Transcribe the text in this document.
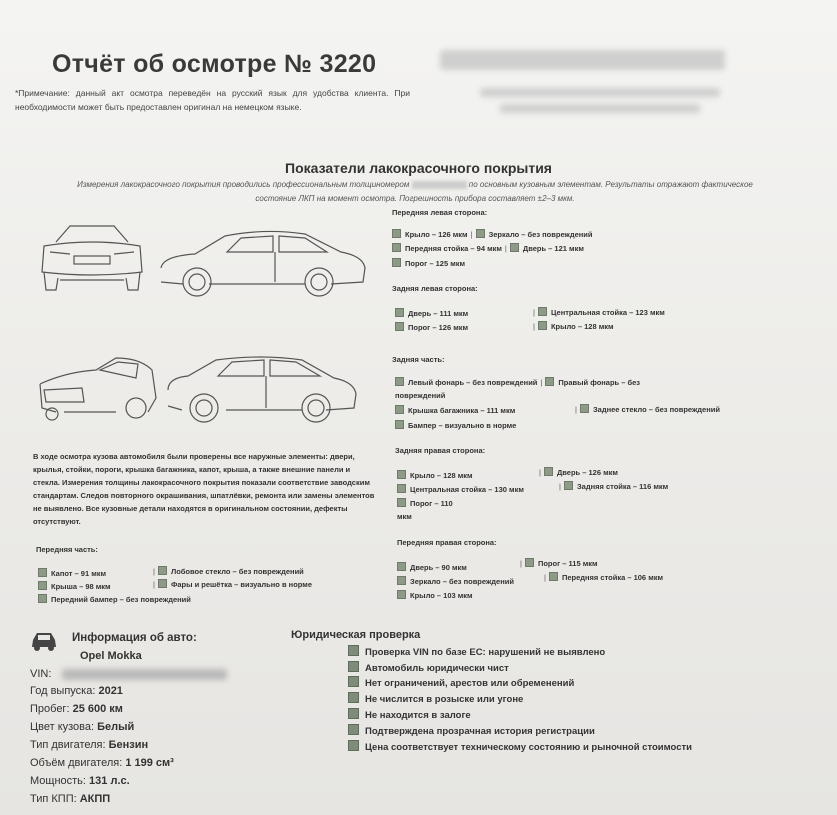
Отчёт об осмотре № 3220
*Примечание: данный акт осмотра переведён на русский язык для удобства клиента. При необходимости может быть предоставлен оригинал на немецком языке.
Показатели лакокрасочного покрытия
Измерения лакокрасочного покрытия проводились профессиональным толщиномером	по основным кузовным элементам. Результаты отражают фактическое состояние ЛКП на момент осмотра. Погрешность прибора составляет ±2–3 мкм.
Передняя левая сторона:
Крыло – 126 мкм | Зеркало – без повреждений
Передняя стойка – 94 мкм | Дверь – 121 мкм
Порог – 125 мкм
Задняя левая сторона:
Дверь – 111 мкм	| Центральная стойка – 123 мкм
Порог – 126 мкм	| Крыло – 128 мкм
Задняя часть:
Левый фонарь – без повреждений | Правый фонарь – без
повреждений
Крышка багажника – 111 мкм	| Заднее стекло – без повреждений
Бампер – визуально в норме
В ходе осмотра кузова автомобиля были проверены все наружные элементы: двери, крылья, стойки, пороги, крышка багажника, капот, крыша, а также внешние панели и стекла. Измерения толщины лакокрасочного покрытия показали соответствие заводским стандартам. Следов повторного окрашивания, шпатлёвки, ремонта или замены элементов не выявлено. Все кузовные детали находятся в оригинальном состоянии, дефекты отсутствуют.
Задняя правая сторона:
Крыло – 128 мкм	| Дверь – 126 мкм
Центральная стойка – 130 мкм	| Задняя стойка – 116 мкм
Порог – 110
мкм
Передняя правая сторона:
Дверь – 90 мкм	| Порог – 115 мкм
Зеркало – без повреждений	| Передняя стойка – 106 мкм
Крыло – 103 мкм
Передняя часть:
Капот – 91 мкм	| Лобовое стекло – без повреждений
Крыша – 98 мкм	| Фары и решётка – визуально в норме
Передний бампер – без повреждений
Информация об авто:
Opel Mokka
VIN:
Год выпуска: 2021
Пробег: 25 600 км
Цвет кузова: Белый
Тип двигателя: Бензин
Объём двигателя: 1 199 см³
Мощность: 131 л.с.
Тип КПП: АКПП
Юридическая проверка
Проверка VIN по базе ЕС: нарушений не выявлено
Автомобиль юридически чист
Нет ограничений, арестов или обременений
Не числится в розыске или угоне
Не находится в залоге
Подтверждена прозрачная история регистрации
Цена соответствует техническому состоянию и рыночной стоимости
